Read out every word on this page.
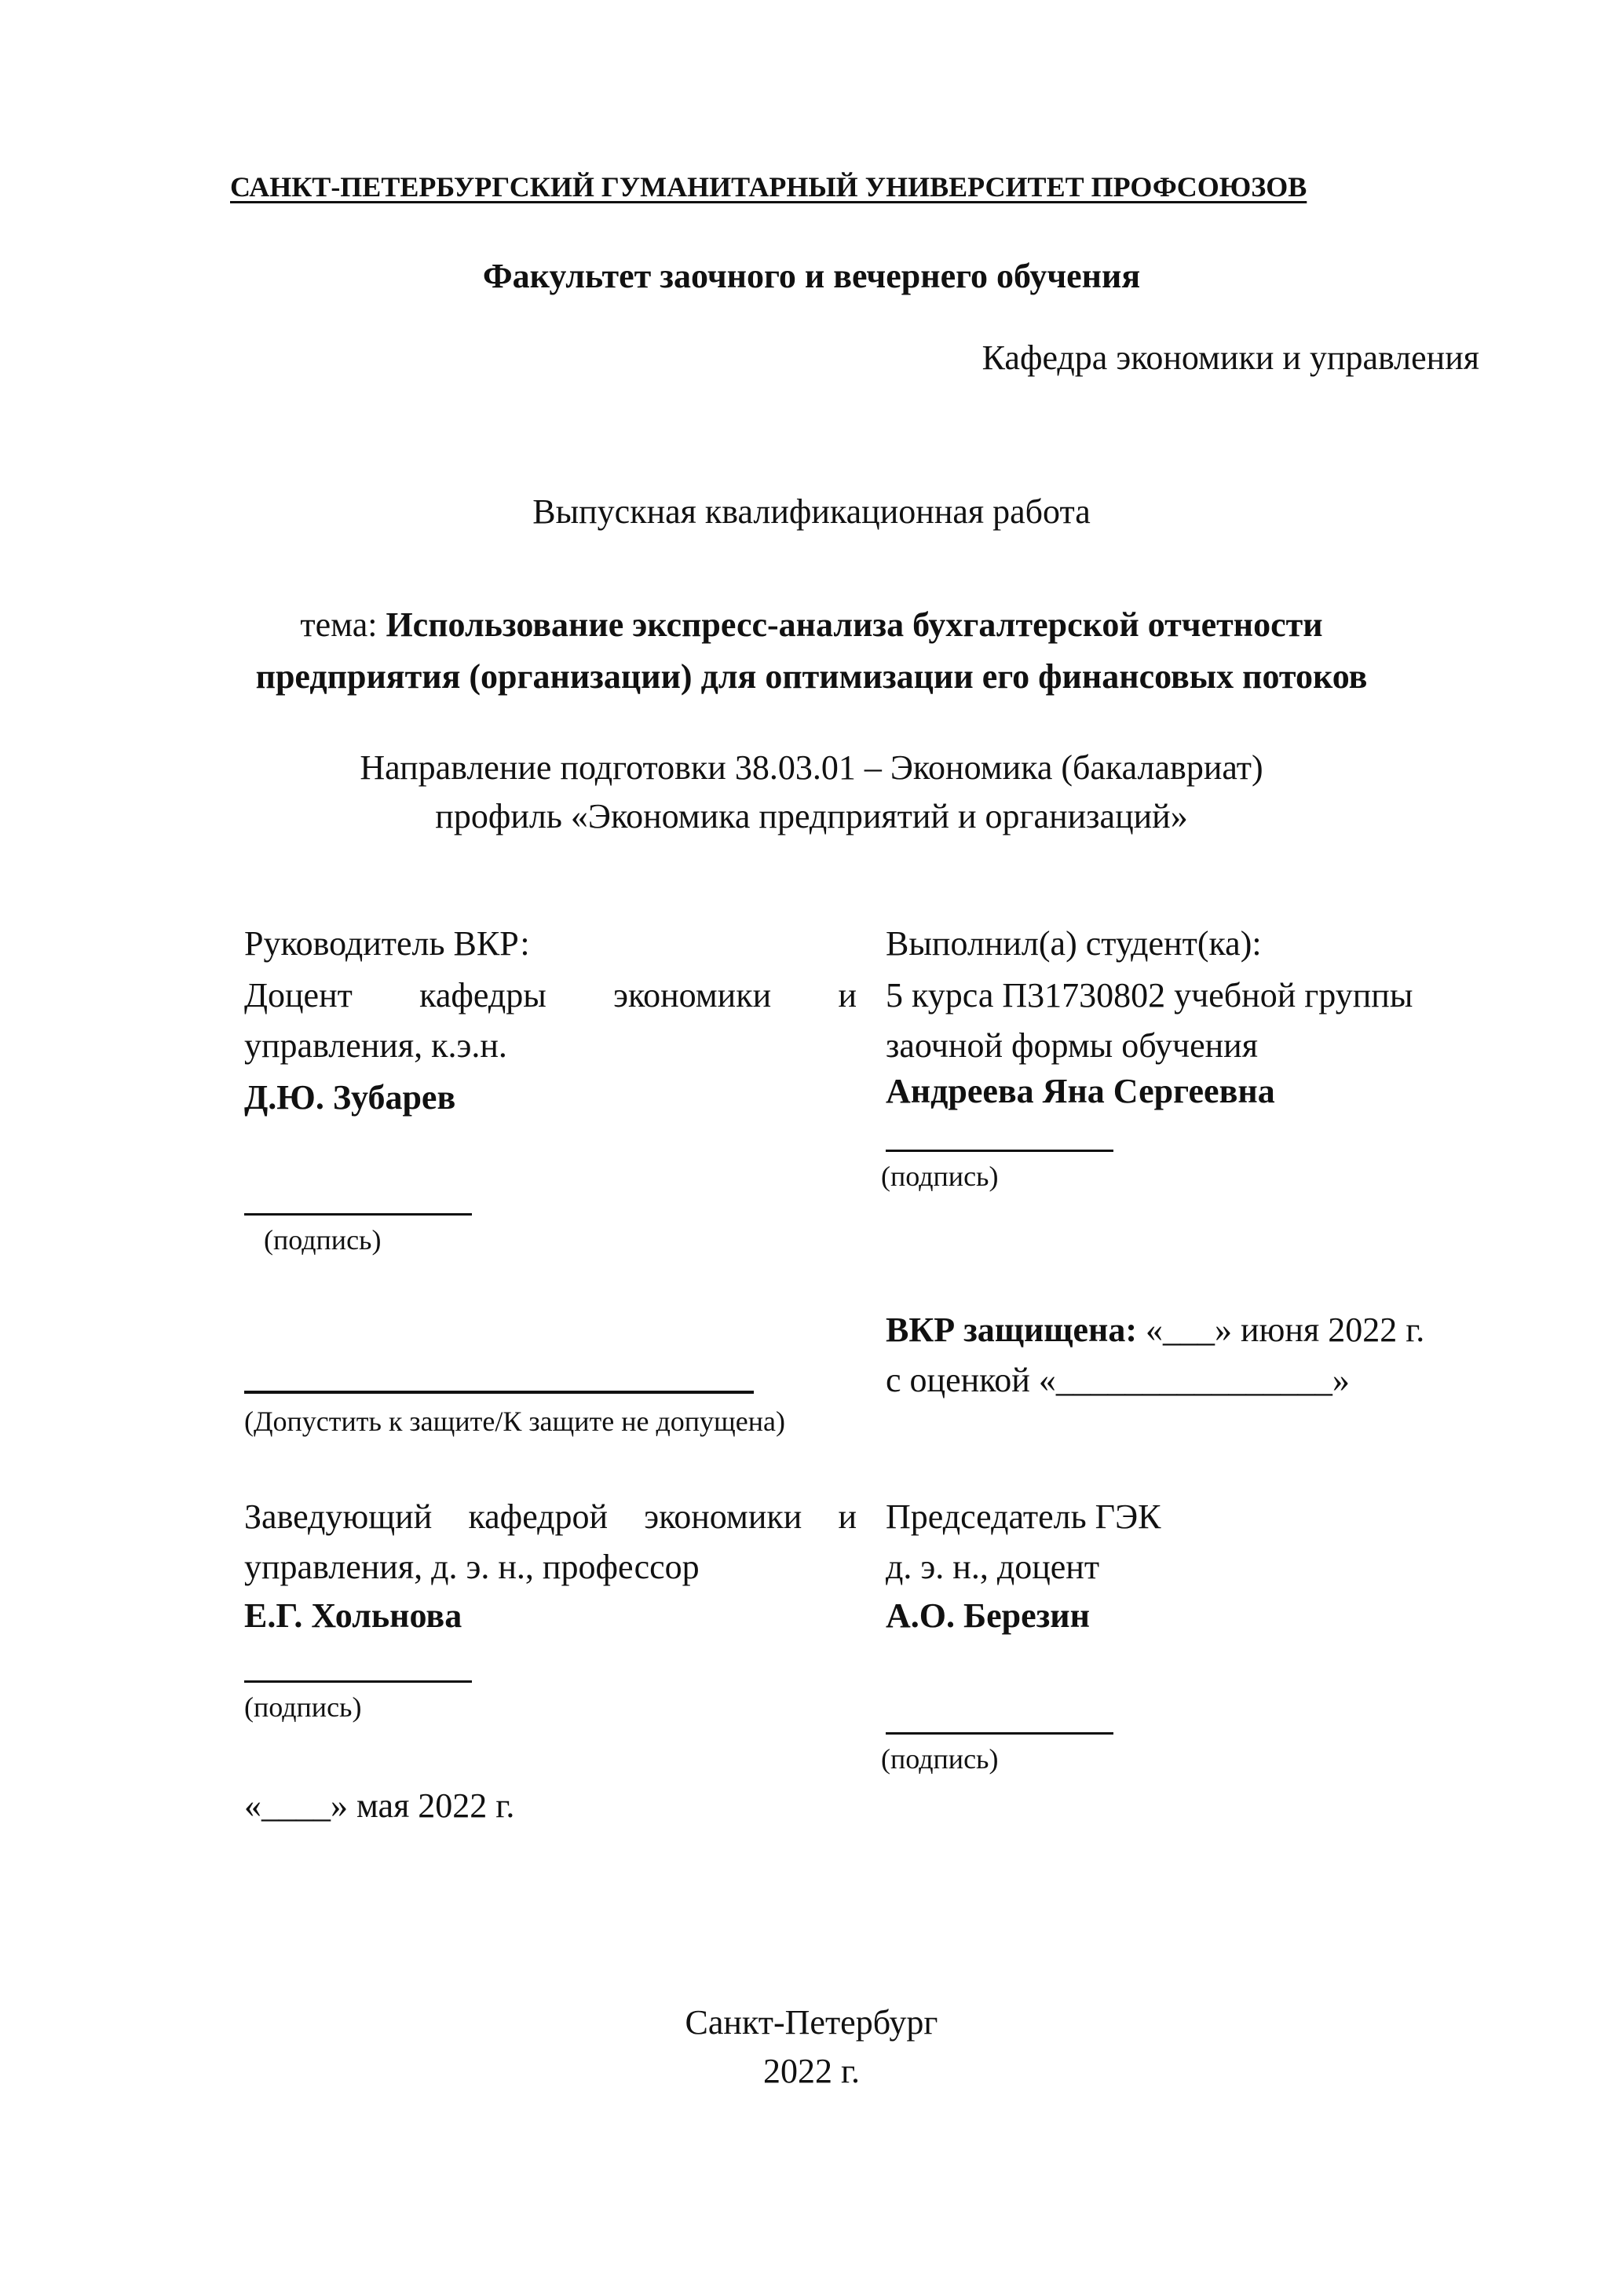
САНКТ-ПЕТЕРБУРГСКИЙ ГУМАНИТАРНЫЙ УНИВЕРСИТЕТ ПРОФСОЮЗОВ
Факультет заочного и вечернего обучения
Кафедра экономики и управления
Выпускная квалификационная работа
тема: Использование экспресс-анализа бухгалтерской отчетности
предприятия (организации) для оптимизации его финансовых потоков
Направление подготовки 38.03.01 – Экономика (бакалавриат)
профиль «Экономика предприятий и организаций»
Руководитель ВКР:
Доцент кафедры экономики и
управления, к.э.н.
Д.Ю. Зубарев
(подпись)
Выполнил(а) студент(ка):
5 курса П31730802 учебной группы
заочной формы обучения
Андреева Яна Сергеевна
(подпись)
(Допустить к защите/К защите не допущена)
ВКР защищена: «___» июня 2022 г.
с оценкой «________________»
Заведующий кафедрой экономики и
управления, д. э. н., профессор
Е.Г. Хольнова
(подпись)
«____» мая 2022 г.
Председатель ГЭК
д. э. н., доцент
А.О. Березин
(подпись)
Санкт-Петербург
2022 г.
